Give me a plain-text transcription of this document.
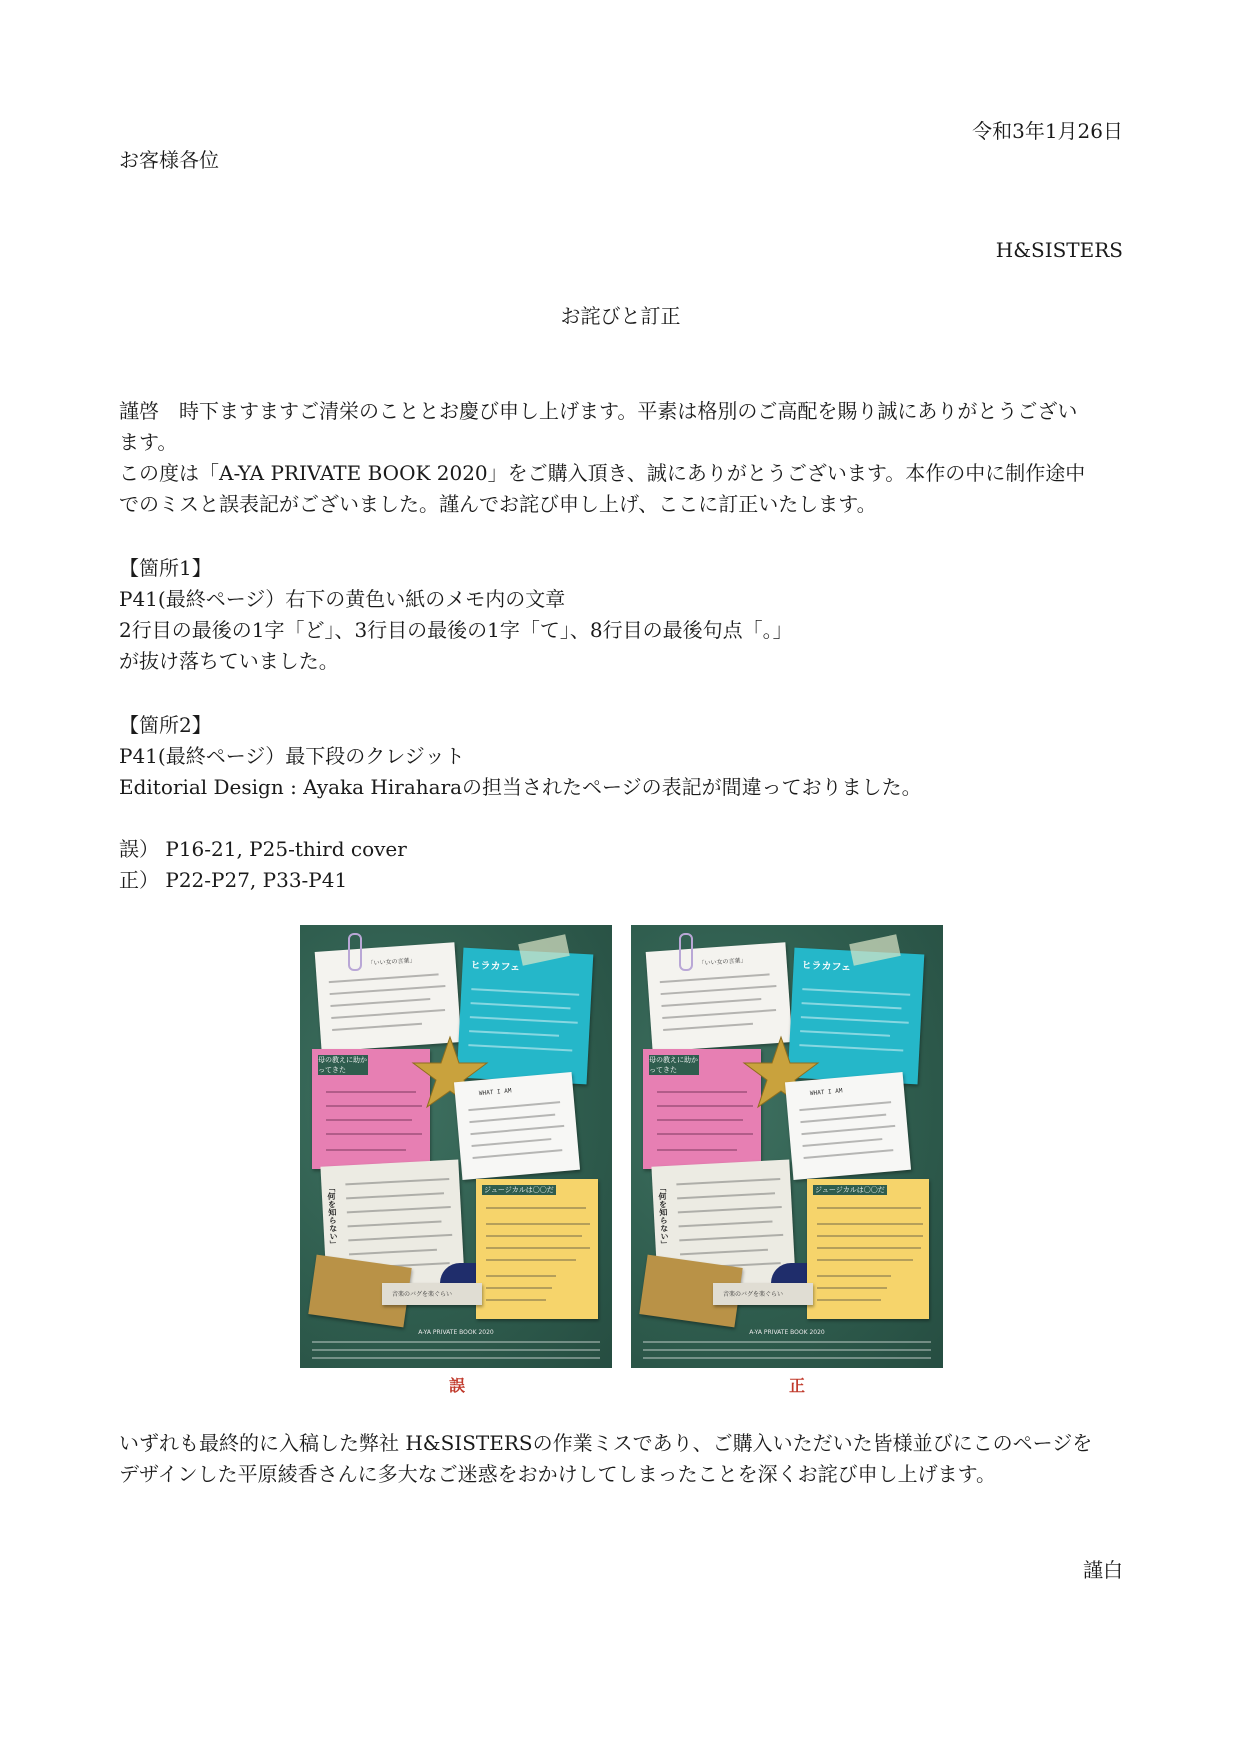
令和3年1月26日
お客様各位
H&SISTERS
お詫びと訂正
謹啓　時下ますますご清栄のこととお慶び申し上げます。平素は格別のご高配を賜り誠にありがとうござい
ます。
この度は「A-YA PRIVATE BOOK 2020」をご購入頂き、誠にありがとうございます。本作の中に制作途中
でのミスと誤表記がございました。謹んでお詫び申し上げ、ここに訂正いたします。
【箇所1】
P41(最終ページ）右下の黄色い紙のメモ内の文章
2行目の最後の1字「ど」、3行目の最後の1字「て」、8行目の最後句点「。」
が抜け落ちていました。
【箇所2】
P41(最終ページ）最下段のクレジット
Editorial Design : Ayaka Hiraharaの担当されたページの表記が間違っておりました。
誤） P16-21, P25-third cover
正） P22-P27, P33-P41
「いい女の言葉」	ヒラカフェ
母の教えに助かってきた
WHAT I AM
「何を知らない」	ジュージカルは〇〇だ
音楽のバグを楽ぐらい
A-YA PRIVATE BOOK 2020
誤
「いい女の言葉」	ヒラカフェ
母の教えに助かってきた
WHAT I AM
「何を知らない」	ジュージカルは〇〇だ
音楽のバグを楽ぐらい
A-YA PRIVATE BOOK 2020
正
いずれも最終的に入稿した弊社 H&SISTERSの作業ミスであり、ご購入いただいた皆様並びにこのページを
デザインした平原綾香さんに多大なご迷惑をおかけしてしまったことを深くお詫び申し上げます。
謹白
